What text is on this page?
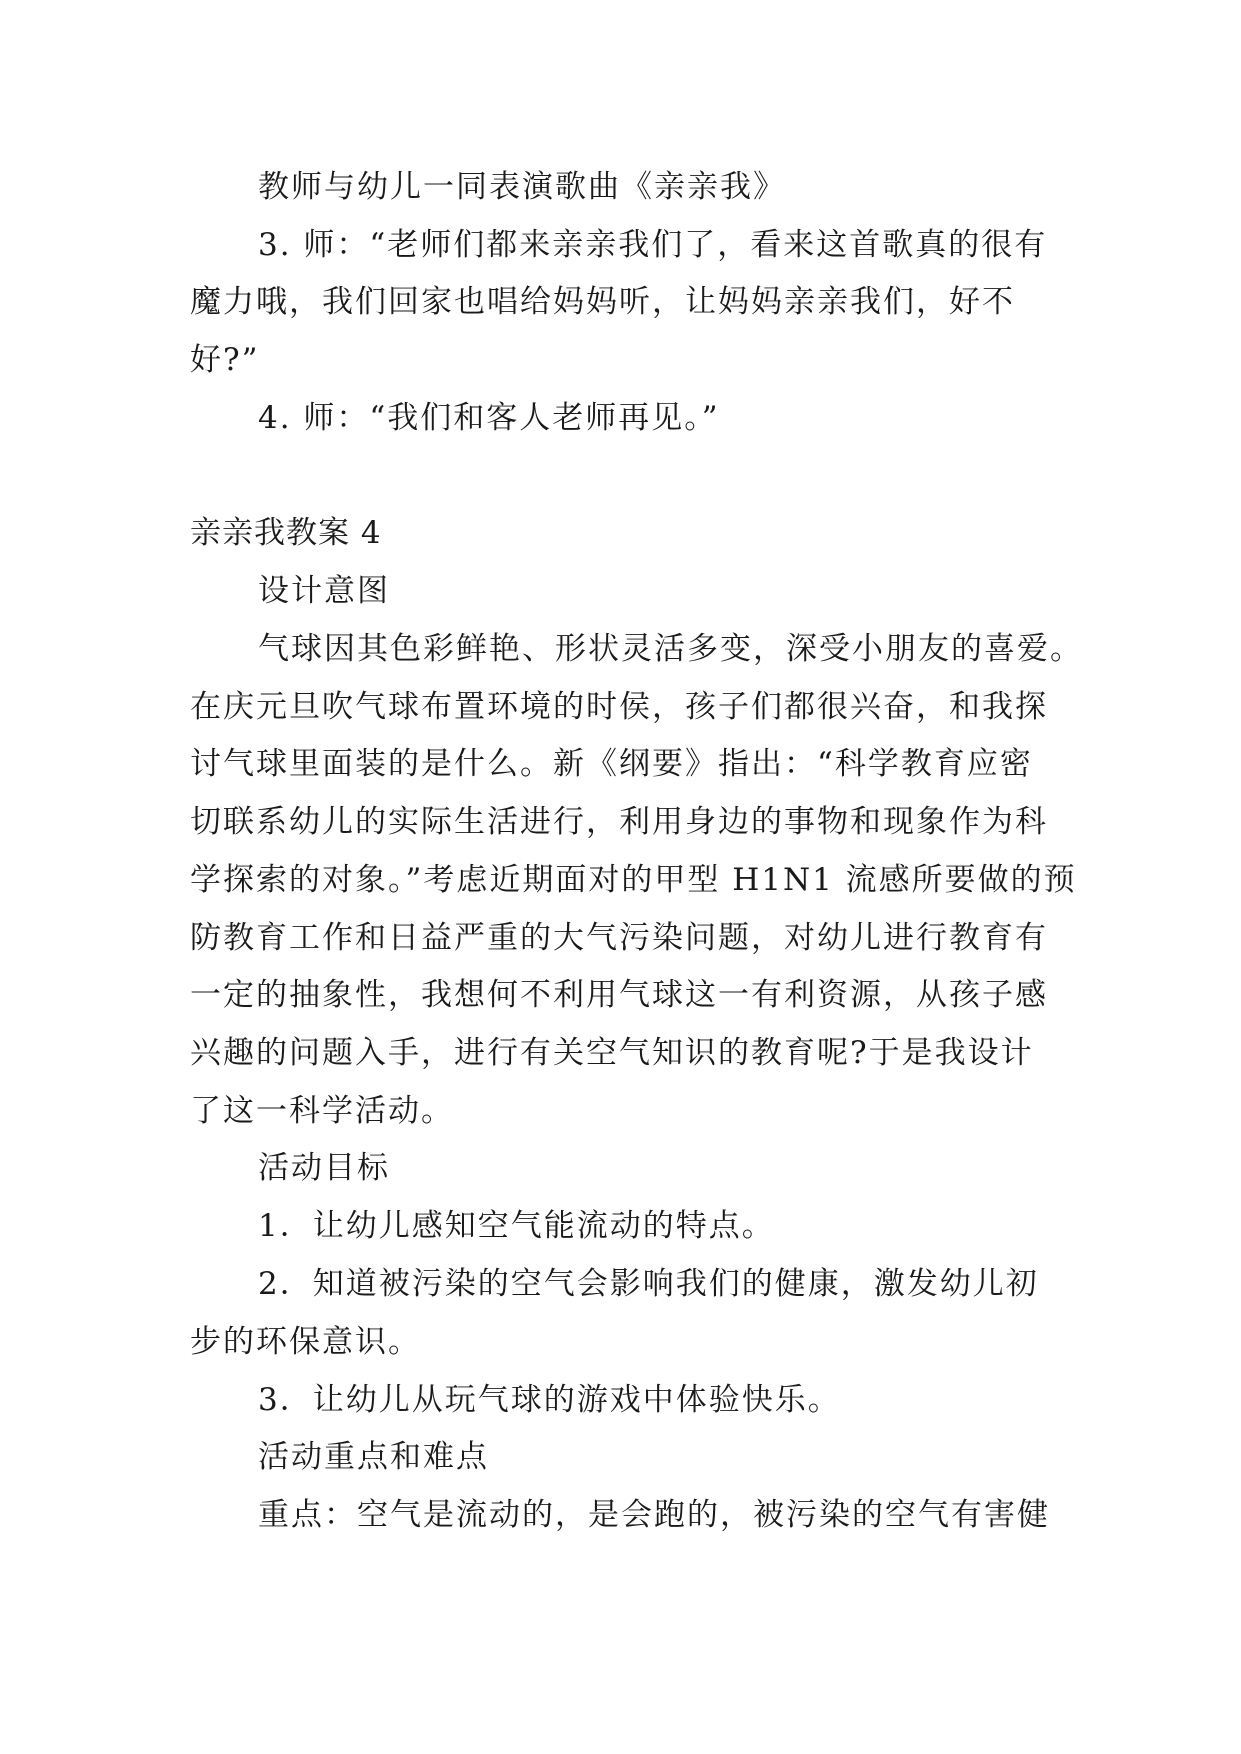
教师与幼儿一同表演歌曲《亲亲我》
3. 师：“老师们都来亲亲我们了，看来这首歌真的很有
魔力哦，我们回家也唱给妈妈听，让妈妈亲亲我们，好不
好?”
4. 师：“我们和客人老师再见。”
亲亲我教案 4
设计意图
气球因其色彩鲜艳、形状灵活多变，深受小朋友的喜爱。
在庆元旦吹气球布置环境的时侯，孩子们都很兴奋，和我探
讨气球里面装的是什么。新《纲要》指出：“科学教育应密
切联系幼儿的实际生活进行，利用身边的事物和现象作为科
学探索的对象。”考虑近期面对的甲型 H1N1 流感所要做的预
防教育工作和日益严重的大气污染问题，对幼儿进行教育有
一定的抽象性，我想何不利用气球这一有利资源，从孩子感
兴趣的问题入手，进行有关空气知识的教育呢?于是我设计
了这一科学活动。
活动目标
1．让幼儿感知空气能流动的特点。
2．知道被污染的空气会影响我们的健康，激发幼儿初
步的环保意识。
3．让幼儿从玩气球的游戏中体验快乐。
活动重点和难点
重点：空气是流动的，是会跑的，被污染的空气有害健
